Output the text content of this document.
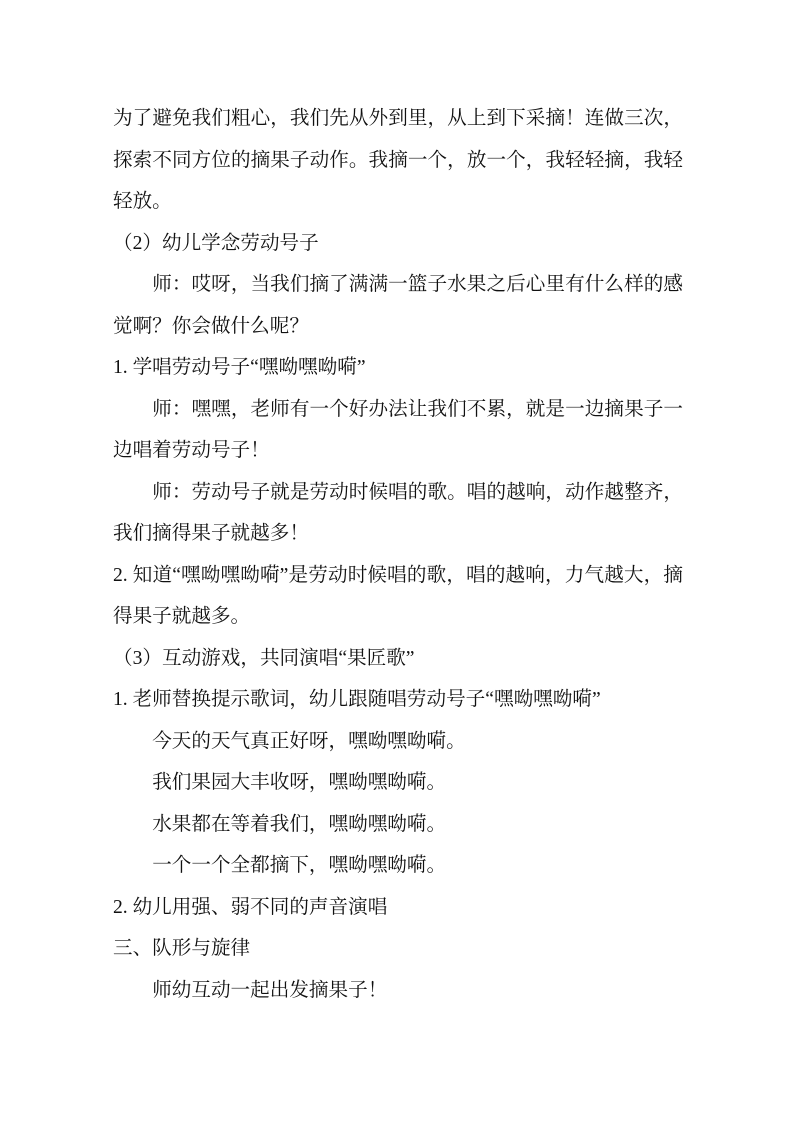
为了避免我们粗心，我们先从外到里，从上到下采摘！连做三次，探索不同方位的摘果子动作。我摘一个，放一个，我轻轻摘，我轻轻放。

（2）幼儿学念劳动号子

师：哎呀，当我们摘了满满一篮子水果之后心里有什么样的感觉啊？你会做什么呢？

1. 学唱劳动号子“嘿呦嘿呦嗬”

师：嘿嘿，老师有一个好办法让我们不累，就是一边摘果子一边唱着劳动号子！

师：劳动号子就是劳动时候唱的歌。唱的越响，动作越整齐，我们摘得果子就越多！

2. 知道“嘿呦嘿呦嗬”是劳动时候唱的歌，唱的越响，力气越大，摘得果子就越多。

（3）互动游戏，共同演唱“果匠歌”

1. 老师替换提示歌词，幼儿跟随唱劳动号子“嘿呦嘿呦嗬”

今天的天气真正好呀，嘿呦嘿呦嗬。

我们果园大丰收呀，嘿呦嘿呦嗬。

水果都在等着我们，嘿呦嘿呦嗬。

一个一个全都摘下，嘿呦嘿呦嗬。

2. 幼儿用强、弱不同的声音演唱

三、队形与旋律

师幼互动一起出发摘果子！
